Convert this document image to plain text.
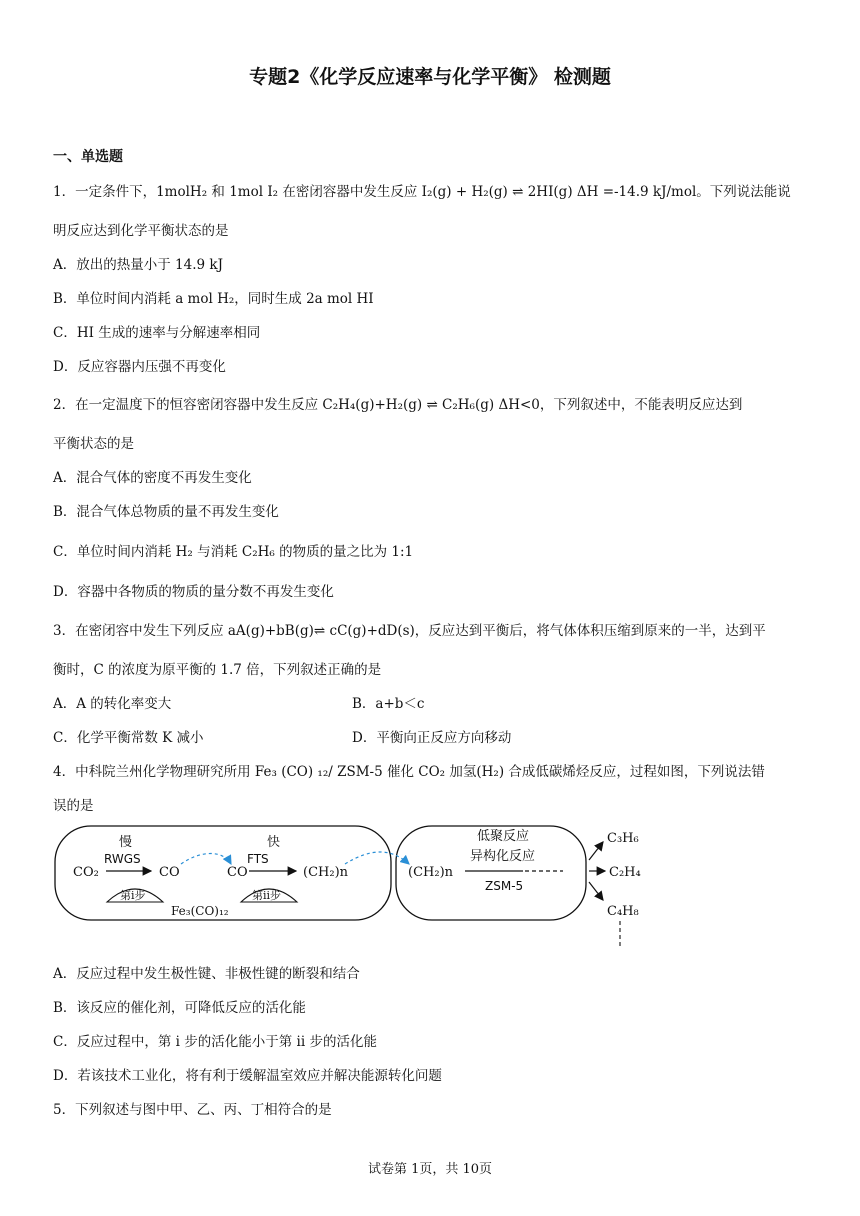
专题2《化学反应速率与化学平衡》 检测题
一、单选题
1．一定条件下，1molH₂ 和 1mol I₂ 在密闭容器中发生反应 I₂(g) + H₂(g) ⇌ 2HI(g) ΔH =-14.9 kJ/mol。下列说法能说
明反应达到化学平衡状态的是
A．放出的热量小于 14.9 kJ
B．单位时间内消耗 a mol H₂，同时生成 2a mol HI
C．HI 生成的速率与分解速率相同
D．反应容器内压强不再变化
2．在一定温度下的恒容密闭容器中发生反应 C₂H₄(g)+H₂(g) ⇌ C₂H₆(g) ΔH<0，下列叙述中，不能表明反应达到
平衡状态的是
A．混合气体的密度不再发生变化
B．混合气体总物质的量不再发生变化
C．单位时间内消耗 H₂ 与消耗 C₂H₆ 的物质的量之比为 1:1
D．容器中各物质的物质的量分数不再发生变化
3．在密闭容中发生下列反应 aA(g)+bB(g)⇌ cC(g)+dD(s)，反应达到平衡后，将气体体积压缩到原来的一半，达到平
衡时，C 的浓度为原平衡的 1.7 倍，下列叙述正确的是
A．A 的转化率变大	B．a+b＜c
C．化学平衡常数 K 减小	D．平衡向正反应方向移动
4．中科院兰州化学物理研究所用 Fe₃ (CO) ₁₂/ ZSM-5 催化 CO₂ 加氢(H₂) 合成低碳烯烃反应，过程如图，下列说法错
误的是
慢	快
RWGS	FTS
CO₂	CO	CO	(CH₂)n
第i步	第ii步
Fe₃(CO)₁₂
(CH₂)n
低聚反应
异构化反应
ZSM-5
C₃H₆
C₂H₄
C₄H₈
A．反应过程中发生极性键、非极性键的断裂和结合
B．该反应的催化剂，可降低反应的活化能
C．反应过程中，第 i 步的活化能小于第 ii 步的活化能
D．若该技术工业化，将有利于缓解温室效应并解决能源转化问题
5．下列叙述与图中甲、乙、丙、丁相符合的是
试卷第 1页，共 10页
